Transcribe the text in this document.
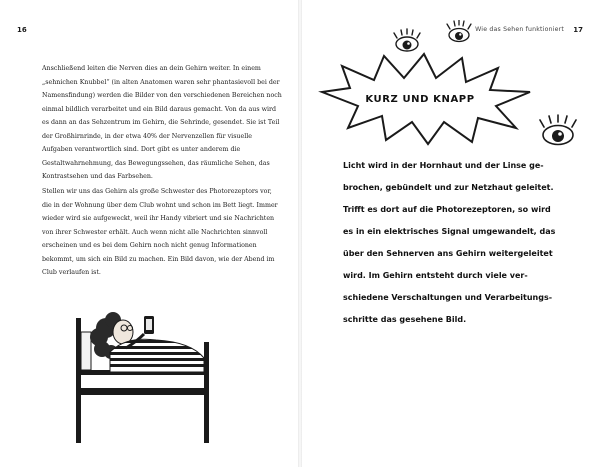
16

Anschließend leiten die Nerven dies an dein Gehirn weiter. In einem „sehnichen Knubbel“ (in alten Anatomen waren sehr phantasievoll bei der Namensfindung) werden die Bilder von den verschiedenen Bereichen noch einmal bildlich verarbeitet und ein Bild daraus gemacht. Von da aus wird es dann an das Sehzentrum im Gehirn, die Sehrinde, gesendet. Sie ist Teil der Großhirnrinde, in der etwa 40% der Nervenzellen für visuelle Aufgaben verantwortlich sind. Dort gibt es unter anderem die Gestaltwahrnehmung, das Bewegungssehen, das räumliche Sehen, das Kontrastsehen und das Farbsehen.

Stellen wir uns das Gehirn als große Schwester des Photorezeptors vor, die in der Wohnung über dem Club wohnt und schon im Bett liegt. Immer wieder wird sie aufgeweckt, weil ihr Handy vibriert und sie Nachrichten von ihrer Schwester erhält. Auch wenn nicht alle Nachrichten sinnvoll erscheinen und es bei dem Gehirn noch nicht genug Informationen bekommt, um sich ein Bild zu machen. Ein Bild davon, wie der Abend im Club verlaufen ist.

Wie das Sehen funktioniert 17
KURZ UND KNAPP
Licht wird in der Hornhaut und der Linse ge-
brochen, gebündelt und zur Netzhaut geleitet.
Trifft es dort auf die Photorezeptoren, so wird
es in ein elektrisches Signal umgewandelt, das
über den Sehnerven ans Gehirn weitergeleitet
wird. Im Gehirn entsteht durch viele ver-
schiedene Verschaltungen und Verarbeitungs-
schritte das gesehene Bild.
